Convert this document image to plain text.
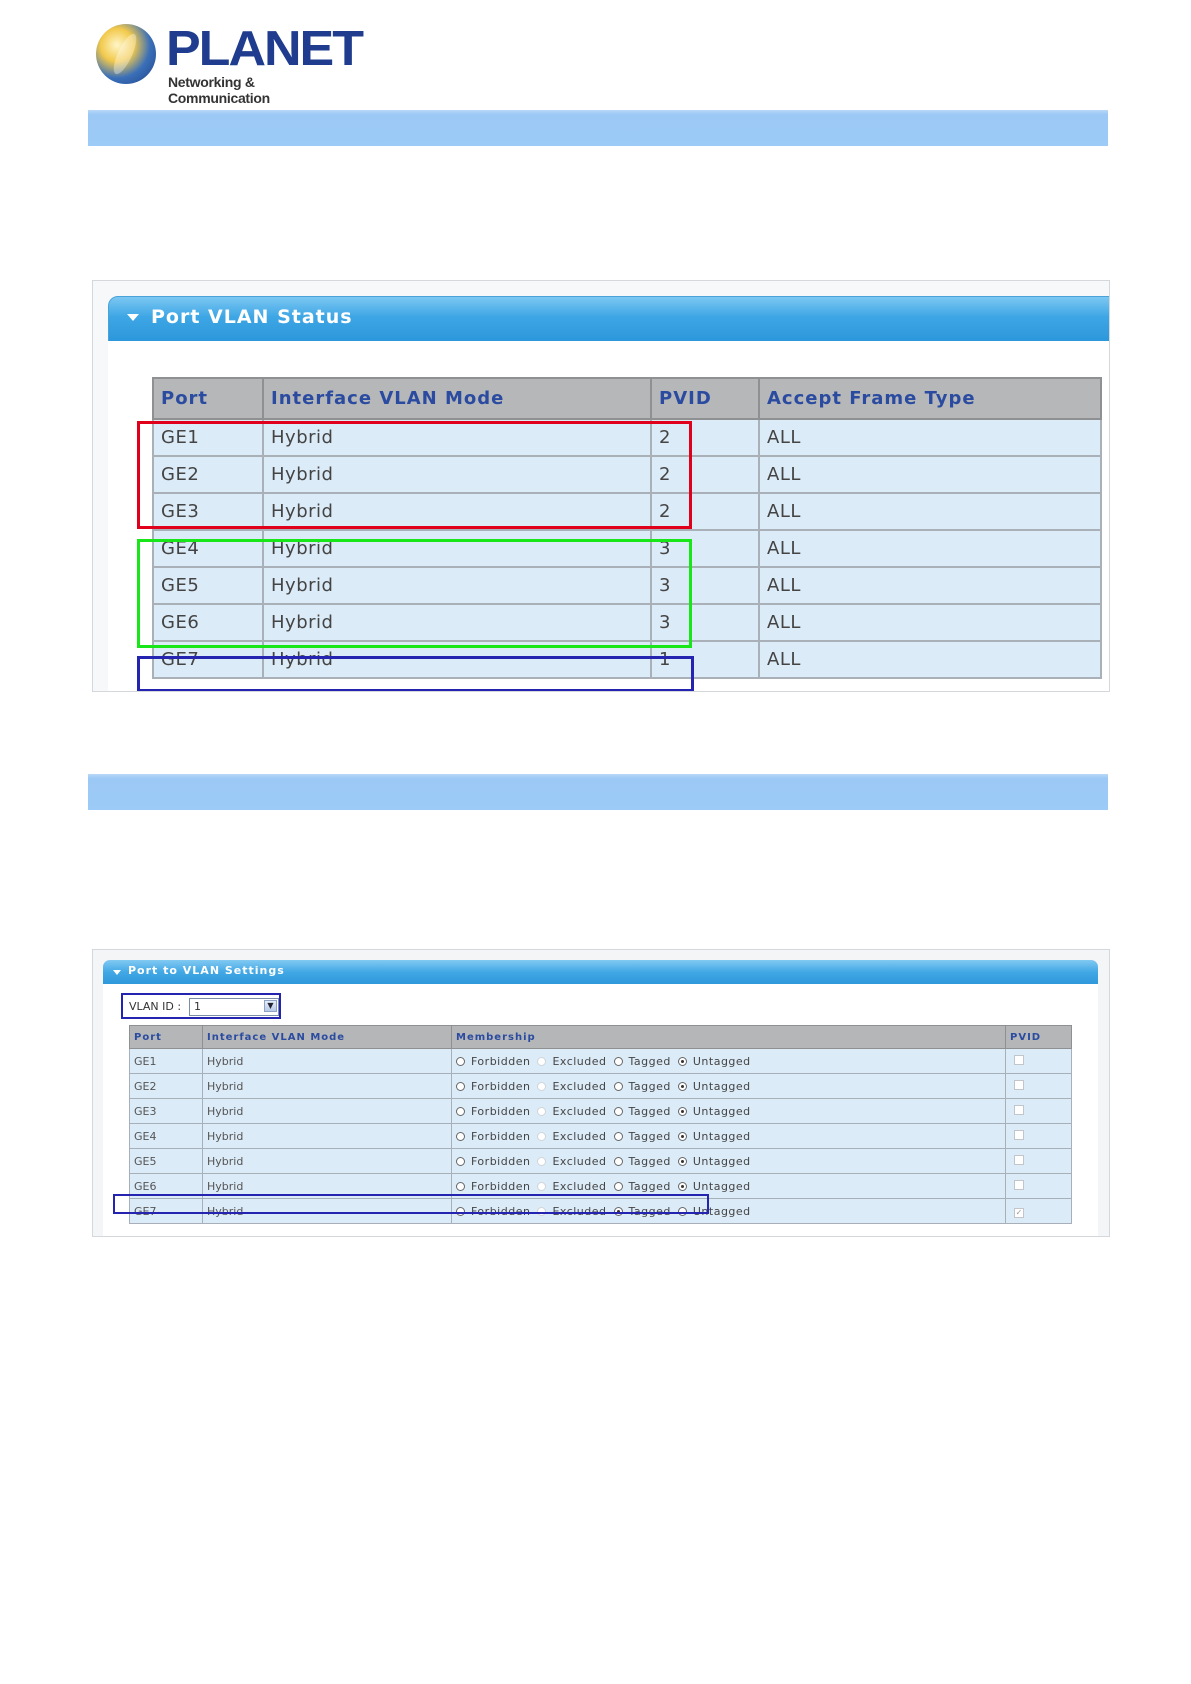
PLANET
Networking & Communication
Port VLAN Status
Port	Interface VLAN Mode	PVID	Accept Frame Type
GE1	Hybrid	2	ALL
GE2	Hybrid	2	ALL
GE3	Hybrid	2	ALL
GE4	Hybrid	3	ALL
GE5	Hybrid	3	ALL
GE6	Hybrid	3	ALL
GE7	Hybrid	1	ALL
Port to VLAN Settings
VLAN ID : 1	▼
Port	Interface VLAN Mode	Membership	PVID
GE1	Hybrid	Forbidden Excluded Tagged Untagged	

GE2	Hybrid	Forbidden Excluded Tagged Untagged	

GE3	Hybrid	Forbidden Excluded Tagged Untagged	

GE4	Hybrid	Forbidden Excluded Tagged Untagged	

GE5	Hybrid	Forbidden Excluded Tagged Untagged	

GE6	Hybrid	Forbidden Excluded Tagged Untagged	

GE7	Hybrid	Forbidden Excluded Tagged Untagged	✓
